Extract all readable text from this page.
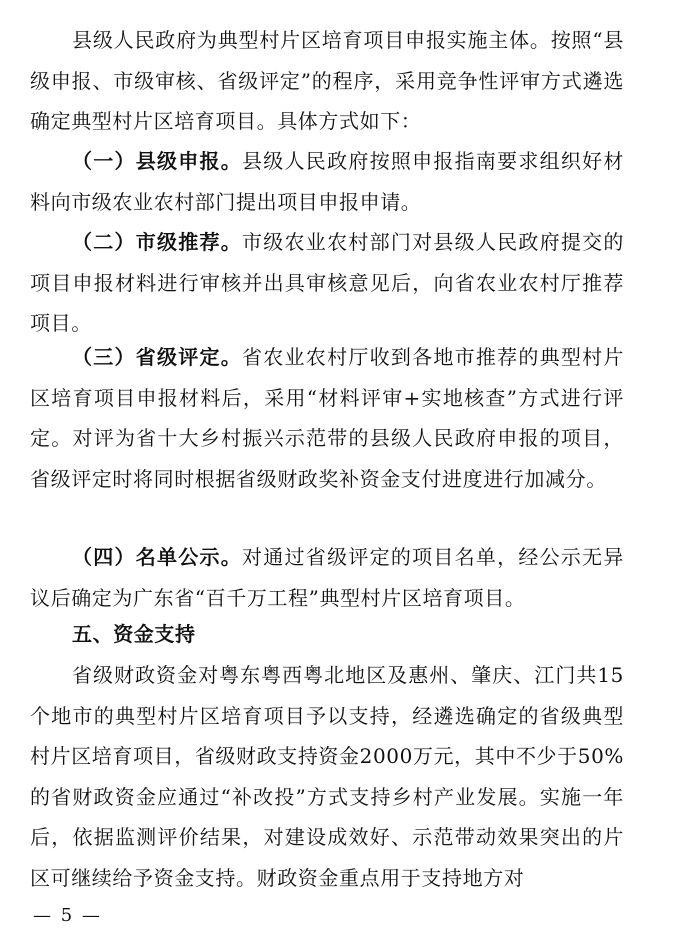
县级人民政府为典型村片区培育项目申报实施主体。按照“县级申报、市级审核、省级评定”的程序，采用竞争性评审方式遴选确定典型村片区培育项目。具体方式如下：

（一）县级申报。县级人民政府按照申报指南要求组织好材料向市级农业农村部门提出项目申报申请。

（二）市级推荐。市级农业农村部门对县级人民政府提交的项目申报材料进行审核并出具审核意见后，向省农业农村厅推荐项目。

（三）省级评定。省农业农村厅收到各地市推荐的典型村片区培育项目申报材料后，采用“材料评审+实地核查”方式进行评定。对评为省十大乡村振兴示范带的县级人民政府申报的项目，省级评定时将同时根据省级财政奖补资金支付进度进行加减分。

（四）名单公示。对通过省级评定的项目名单，经公示无异议后确定为广东省“百千万工程”典型村片区培育项目。

五、资金支持

省级财政资金对粤东粤西粤北地区及惠州、肇庆、江门共15个地市的典型村片区培育项目予以支持，经遴选确定的省级典型村片区培育项目，省级财政支持资金2000万元，其中不少于50%的省财政资金应通过“补改投”方式支持乡村产业发展。实施一年后，依据监测评价结果，对建设成效好、示范带动效果突出的片区可继续给予资金支持。财政资金重点用于支持地方对

— 5 —
